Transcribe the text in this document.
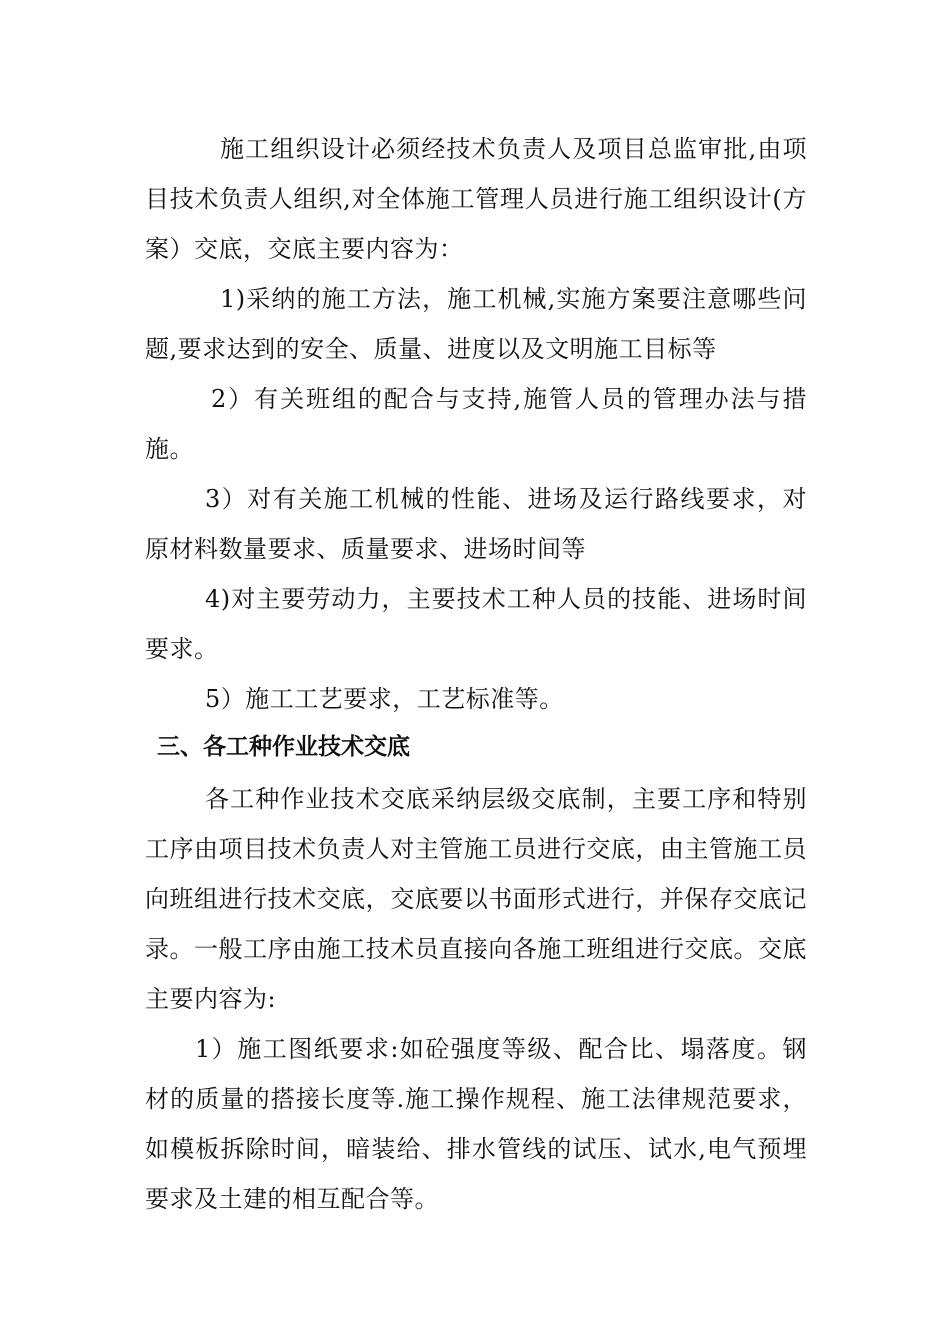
施工组织设计必须经技术负责人及项目总监审批,由项目技术负责人组织,对全体施工管理人员进行施工组织设计(方案）交底，交底主要内容为：

1)采纳的施工方法，施工机械,实施方案要注意哪些问题,要求达到的安全、质量、进度以及文明施工目标等

2）有关班组的配合与支持,施管人员的管理办法与措施。

3）对有关施工机械的性能、进场及运行路线要求，对原材料数量要求、质量要求、进场时间等

4)对主要劳动力，主要技术工种人员的技能、进场时间要求。

5）施工工艺要求，工艺标准等。

三、各工种作业技术交底

各工种作业技术交底采纳层级交底制，主要工序和特别工序由项目技术负责人对主管施工员进行交底，由主管施工员向班组进行技术交底，交底要以书面形式进行，并保存交底记录。一般工序由施工技术员直接向各施工班组进行交底。交底主要内容为:

1）施工图纸要求:如砼强度等级、配合比、塌落度。钢材的质量的搭接长度等.施工操作规程、施工法律规范要求，如模板拆除时间，暗装给、排水管线的试压、试水,电气预埋要求及土建的相互配合等。
